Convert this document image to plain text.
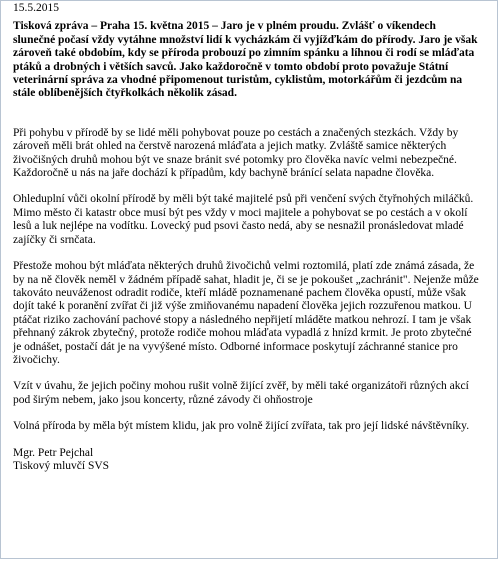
15.5.2015

Tisková zpráva – Praha 15. května 2015 – Jaro je v plném proudu. Zvlášť o víkendech slunečné počasí vždy vytáhne množství lidí k vycházkám či vyjížďkám do přírody. Jaro je však zároveň také obdobím, kdy se příroda probouzí po zimním spánku a líhnou či rodí se mláďata ptáků a drobných i větších savců. Jako každoročně v tomto období proto považuje Státní veterinární správa za vhodné připomenout turistům, cyklistům, motorkářům či jezdcům na stále oblíbenějších čtyřkolkách několik zásad.

Při pohybu v přírodě by se lidé měli pohybovat pouze po cestách a značených stezkách. Vždy by zároveň měli brát ohled na čerstvě narozená mláďata a jejich matky. Zvláště samice některých živočišných druhů mohou být ve snaze bránit své potomky pro člověka navíc velmi nebezpečné. Každoročně u nás na jaře dochází k případům, kdy bachyně bránící selata napadne člověka.

Ohleduplní vůči okolní přírodě by měli být také majitelé psů při venčení svých čtyřnohých miláčků. Mimo město či katastr obce musí být pes vždy v moci majitele a pohybovat se po cestách a v okolí lesů a luk nejlépe na vodítku. Lovecký pud psovi často nedá, aby se nesnažil pronásledovat mladé zajíčky či srnčata.

Přestože mohou být mláďata některých druhů živočichů velmi roztomilá, platí zde známá zásada, že by na ně člověk neměl v žádném případě sahat, hladit je, či se je pokoušet „zachránit". Nejenže může takováto neuváženost odradit rodiče, kteří mládě poznamenané pachem člověka opustí, může však dojít také k poranění zvířat či již výše zmiňovanému napadení člověka jejich rozzuřenou matkou. U ptáčat riziko zachování pachové stopy a následného nepřijetí mláděte matkou nehrozí. I tam je však přehnaný zákrok zbytečný, protože rodiče mohou mláďata vypadlá z hnízd krmit. Je proto zbytečné je odnášet, postačí dát je na vyvýšené místo. Odborné informace poskytují záchranné stanice pro živočichy.

Vzít v úvahu, že jejich počiny mohou rušit volně žijící zvěř, by měli také organizátoři různých akcí pod širým nebem, jako jsou koncerty, různé závody či ohňostroje

Volná příroda by měla být místem klidu, jak pro volně žijící zvířata, tak pro její lidské návštěvníky.

Mgr. Petr Pejchal

Tiskový mluvčí SVS
